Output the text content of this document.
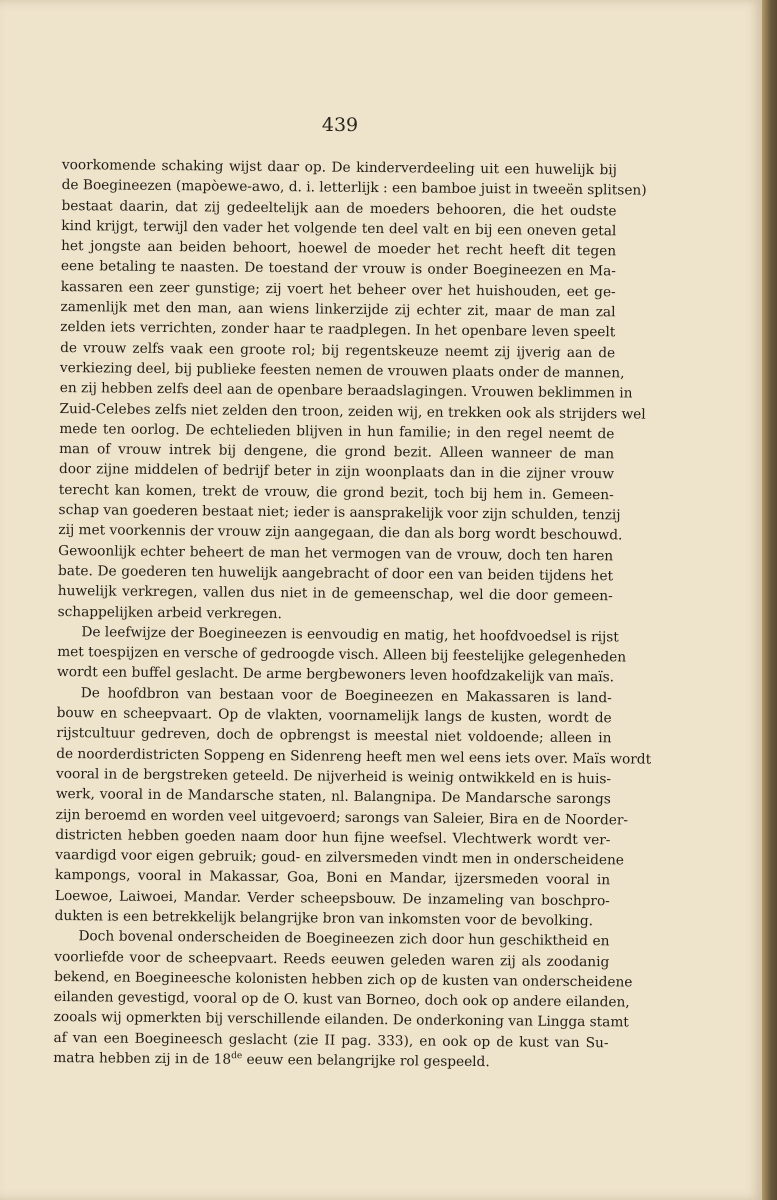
439
voorkomende schaking wijst daar op. De kinderverdeeling uit een huwelijk bij
de Boegineezen (mapòewe-awo, d. i. letterlijk : een bamboe juist in tweeën splitsen)
bestaat daarin, dat zij gedeeltelijk aan de moeders behooren, die het oudste
kind krijgt, terwijl den vader het volgende ten deel valt en bij een oneven getal
het jongste aan beiden behoort, hoewel de moeder het recht heeft dit tegen
eene betaling te naasten. De toestand der vrouw is onder Boegineezen en Ma-
kassaren een zeer gunstige; zij voert het beheer over het huishouden, eet ge-
zamenlijk met den man, aan wiens linkerzijde zij echter zit, maar de man zal
zelden iets verrichten, zonder haar te raadplegen. In het openbare leven speelt
de vrouw zelfs vaak een groote rol; bij regentskeuze neemt zij ijverig aan de
verkiezing deel, bij publieke feesten nemen de vrouwen plaats onder de mannen,
en zij hebben zelfs deel aan de openbare beraadslagingen. Vrouwen beklimmen in
Zuid-Celebes zelfs niet zelden den troon, zeiden wij, en trekken ook als strijders wel
mede ten oorlog. De echtelieden blijven in hun familie; in den regel neemt de
man of vrouw intrek bij dengene, die grond bezit. Alleen wanneer de man
door zijne middelen of bedrijf beter in zijn woonplaats dan in die zijner vrouw
terecht kan komen, trekt de vrouw, die grond bezit, toch bij hem in. Gemeen-
schap van goederen bestaat niet; ieder is aansprakelijk voor zijn schulden, tenzij
zij met voorkennis der vrouw zijn aangegaan, die dan als borg wordt beschouwd.
Gewoonlijk echter beheert de man het vermogen van de vrouw, doch ten haren
bate. De goederen ten huwelijk aangebracht of door een van beiden tijdens het
huwelijk verkregen, vallen dus niet in de gemeenschap, wel die door gemeen-
schappelijken arbeid verkregen.
De leefwijze der Boegineezen is eenvoudig en matig, het hoofdvoedsel is rijst
met toespijzen en versche of gedroogde visch. Alleen bij feestelijke gelegenheden
wordt een buffel geslacht. De arme bergbewoners leven hoofdzakelijk van maïs.
De hoofdbron van bestaan voor de Boegineezen en Makassaren is land-
bouw en scheepvaart. Op de vlakten, voornamelijk langs de kusten, wordt de
rijstcultuur gedreven, doch de opbrengst is meestal niet voldoende; alleen in
de noorderdistricten Soppeng en Sidenreng heeft men wel eens iets over. Maïs wordt
vooral in de bergstreken geteeld. De nijverheid is weinig ontwikkeld en is huis-
werk, vooral in de Mandarsche staten, nl. Balangnipa. De Mandarsche sarongs
zijn beroemd en worden veel uitgevoerd; sarongs van Saleier, Bira en de Noorder-
districten hebben goeden naam door hun fijne weefsel. Vlechtwerk wordt ver-
vaardigd voor eigen gebruik; goud- en zilversmeden vindt men in onderscheidene
kampongs, vooral in Makassar, Goa, Boni en Mandar, ijzersmeden vooral in
Loewoe, Laiwoei, Mandar. Verder scheepsbouw. De inzameling van boschpro-
dukten is een betrekkelijk belangrijke bron van inkomsten voor de bevolking.
Doch bovenal onderscheiden de Boegineezen zich door hun geschiktheid en
voorliefde voor de scheepvaart. Reeds eeuwen geleden waren zij als zoodanig
bekend, en Boegineesche kolonisten hebben zich op de kusten van onderscheidene
eilanden gevestigd, vooral op de O. kust van Borneo, doch ook op andere eilanden,
zooals wij opmerkten bij verschillende eilanden. De onderkoning van Lingga stamt
af van een Boegineesch geslacht (zie II pag. 333), en ook op de kust van Su-
matra hebben zij in de 18de eeuw een belangrijke rol gespeeld.
